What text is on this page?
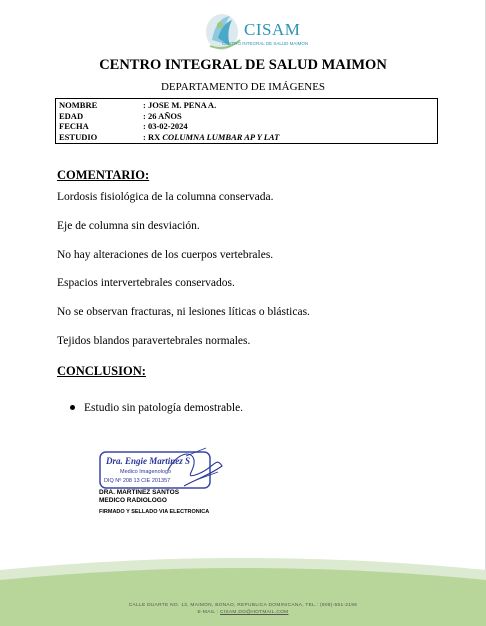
CISAM
CENTRO INTEGRAL DE SALUD MAIMON
CENTRO INTEGRAL DE SALUD MAIMON
DEPARTAMENTO DE IMÁGENES
NOMBRE	: JOSE M. PENA A.
EDAD	: 26 AÑOS
FECHA	: 03-02-2024
ESTUDIO	: RX COLUMNA LUMBAR AP Y LAT
COMENTARIO:
Lordosis fisiológica de la columna conservada.
Eje de columna sin desviación.
No hay alteraciones de los cuerpos vertebrales.
Espacios intervertebrales conservados.
No se observan fracturas, ni lesiones líticas o blásticas.
Tejidos blandos paravertebrales normales.
CONCLUSION:
Estudio sin patología demostrable.
Dra. Engie Martinez S
Medico Imagenologo
DIQ Nº 208 13 CIE 201357
DRA. MARTINEZ SANTOS
MEDICO RADIOLOGO
FIRMADO Y SELLADO VIA ELECTRONICA
CALLE DUARTE NO. 13, MAIMÓN, BONAO, REPUBLICA DOMINICANA, TEL.: (809)-551-2196
E-MAIL : CISAM.DO@HOTMAIL.COM
